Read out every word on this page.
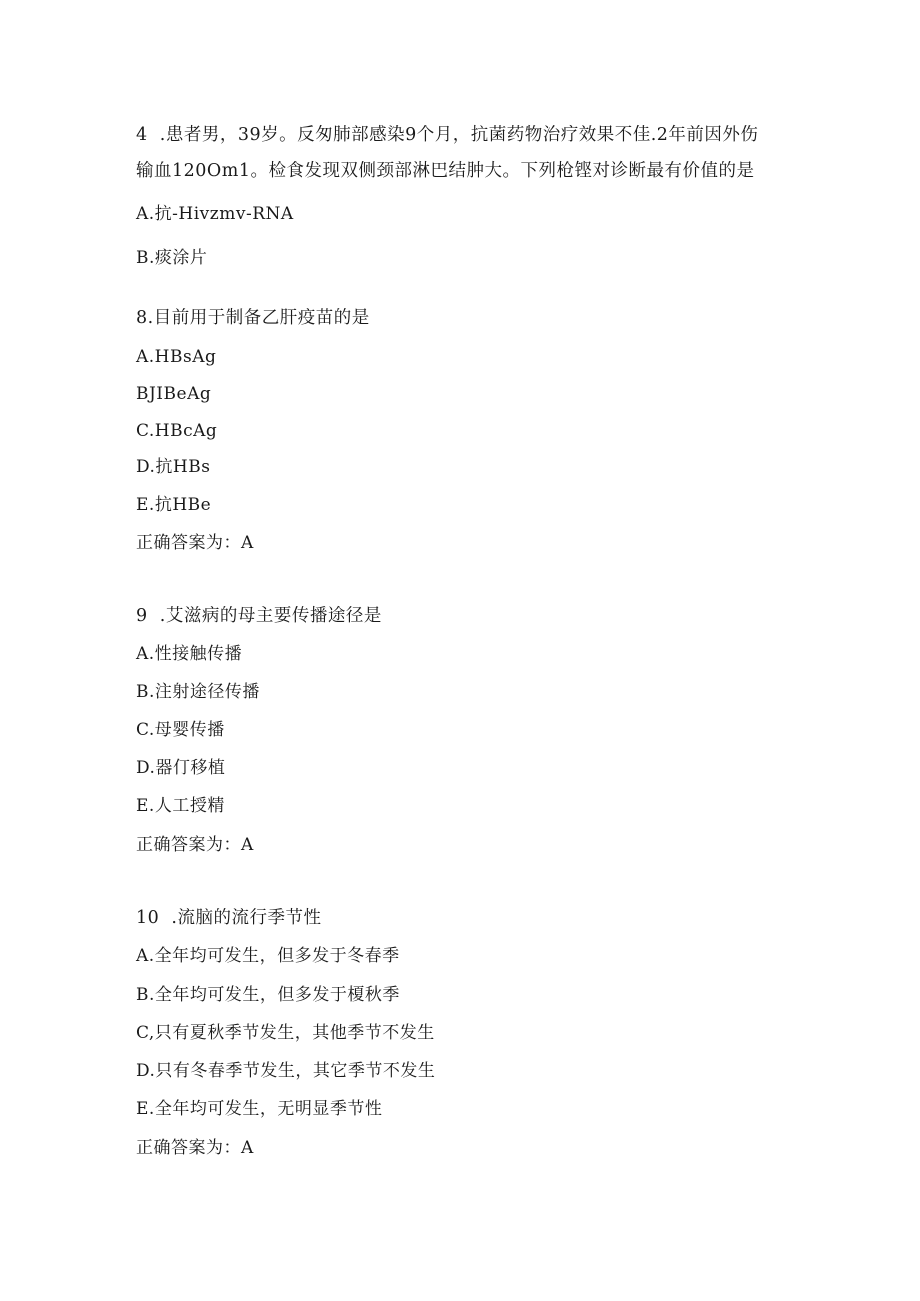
4  .患者男，39岁。反匆肺部感染9个月，抗菌药物治疗效果不佳.2年前因外伤
输血120Om1。检食发现双侧颈部淋巴结肿大。下列枪铿对诊断最有价值的是
A.抗-Hivzmv-RNA
B.痰涂片
8.目前用于制备乙肝疫苗的是
A.HBsAg
BJIBeAg
C.HBcAg
D.抗HBs
E.抗HBe
正确答案为：A
9  .艾滋病的母主要传播途径是
A.性接触传播
B.注射途径传播
C.母婴传播
D.器仃移植
E.人工授精
正确答案为：A
10  .流脑的流行季节性
A.全年均可发生，但多发于冬春季
B.全年均可发生，但多发于榎秋季
C,只有夏秋季节发生，其他季节不发生
D.只有冬春季节发生，其它季节不发生
E.全年均可发生，无明显季节性
正确答案为：A
